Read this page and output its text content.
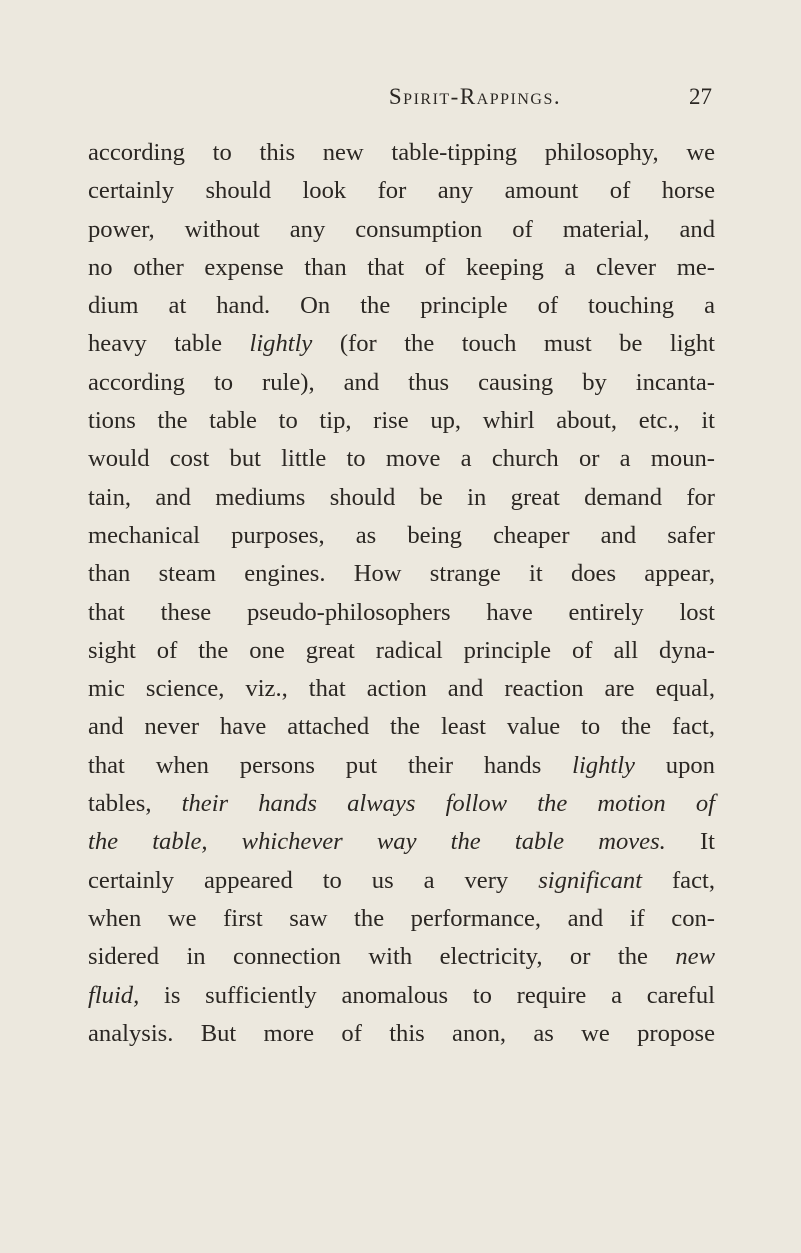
Spirit-Rappings.	27

according to this new table-tipping philosophy, we
certainly should look for any amount of horse
power, without any consumption of material, and
no other expense than that of keeping a clever me-
dium at hand. On the principle of touching a
heavy table lightly (for the touch must be light
according to rule), and thus causing by incanta-
tions the table to tip, rise up, whirl about, etc., it
would cost but little to move a church or a moun-
tain, and mediums should be in great demand for
mechanical purposes, as being cheaper and safer
than steam engines. How strange it does appear,
that these pseudo-philosophers have entirely lost
sight of the one great radical principle of all dyna-
mic science, viz., that action and reaction are equal,
and never have attached the least value to the fact,
that when persons put their hands lightly upon
tables, their hands always follow the motion of
the table, whichever way the table moves. It
certainly appeared to us a very significant fact,
when we first saw the performance, and if con-
sidered in connection with electricity, or the new
fluid, is sufficiently anomalous to require a careful
analysis. But more of this anon, as we propose
